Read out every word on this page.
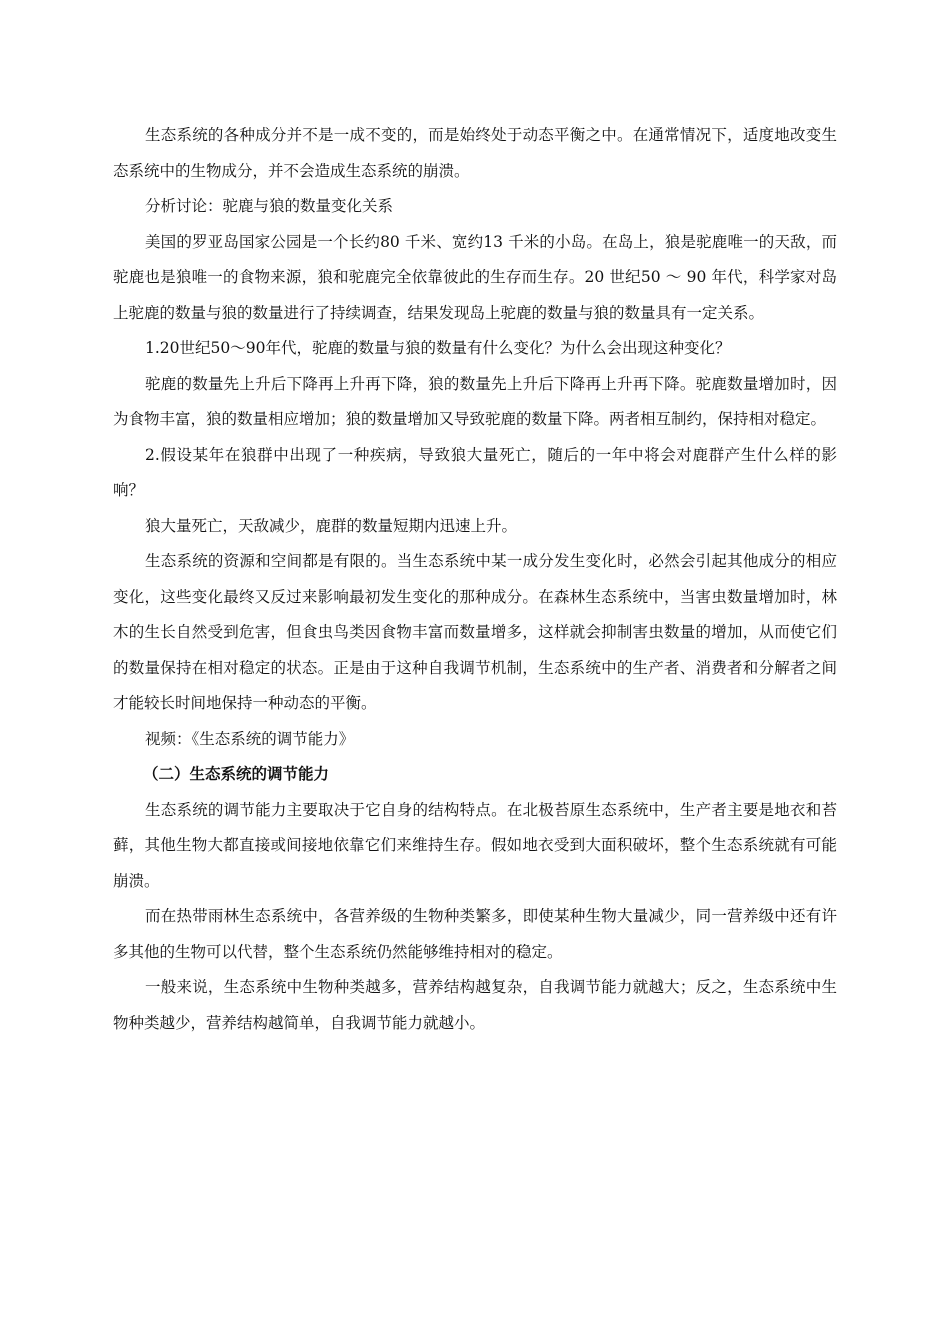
生态系统的各种成分并不是一成不变的，而是始终处于动态平衡之中。在通常情况下，适度地改变生态系统中的生物成分，并不会造成生态系统的崩溃。

分析讨论：驼鹿与狼的数量变化关系

美国的罗亚岛国家公园是一个长约80 千米、宽约13 千米的小岛。在岛上，狼是驼鹿唯一的天敌，而驼鹿也是狼唯一的食物来源，狼和驼鹿完全依靠彼此的生存而生存。20 世纪50 ～ 90 年代，科学家对岛上驼鹿的数量与狼的数量进行了持续调查，结果发现岛上驼鹿的数量与狼的数量具有一定关系。

1.20世纪50～90年代，驼鹿的数量与狼的数量有什么变化？为什么会出现这种变化？

驼鹿的数量先上升后下降再上升再下降，狼的数量先上升后下降再上升再下降。驼鹿数量增加时，因为食物丰富，狼的数量相应增加；狼的数量增加又导致驼鹿的数量下降。两者相互制约，保持相对稳定。

2.假设某年在狼群中出现了一种疾病，导致狼大量死亡，随后的一年中将会对鹿群产生什么样的影响？

狼大量死亡，天敌减少，鹿群的数量短期内迅速上升。

生态系统的资源和空间都是有限的。当生态系统中某一成分发生变化时，必然会引起其他成分的相应变化，这些变化最终又反过来影响最初发生变化的那种成分。在森林生态系统中，当害虫数量增加时，林木的生长自然受到危害，但食虫鸟类因食物丰富而数量增多，这样就会抑制害虫数量的增加，从而使它们的数量保持在相对稳定的状态。正是由于这种自我调节机制，生态系统中的生产者、消费者和分解者之间才能较长时间地保持一种动态的平衡。

视频：《生态系统的调节能力》

（二）生态系统的调节能力

生态系统的调节能力主要取决于它自身的结构特点。在北极苔原生态系统中，生产者主要是地衣和苔藓，其他生物大都直接或间接地依靠它们来维持生存。假如地衣受到大面积破坏，整个生态系统就有可能崩溃。

而在热带雨林生态系统中，各营养级的生物种类繁多，即使某种生物大量减少，同一营养级中还有许多其他的生物可以代替，整个生态系统仍然能够维持相对的稳定。

一般来说，生态系统中生物种类越多，营养结构越复杂，自我调节能力就越大；反之，生态系统中生物种类越少，营养结构越简单，自我调节能力就越小。
